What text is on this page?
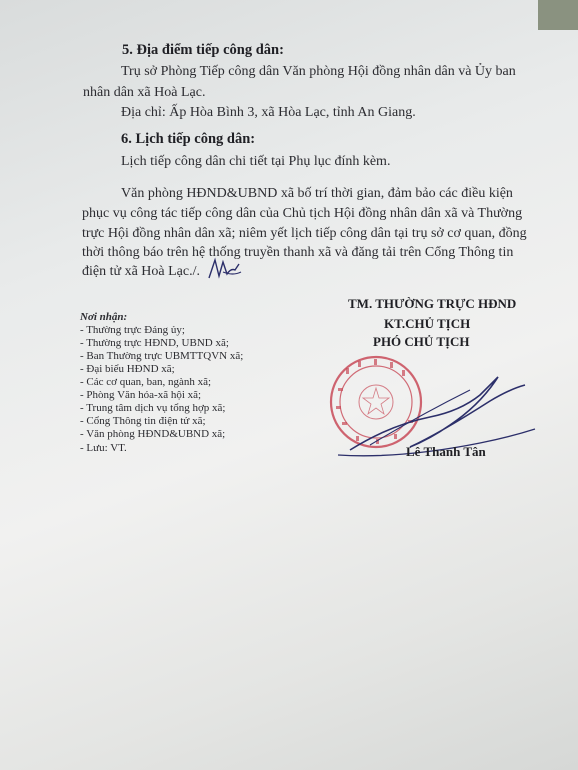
5. Địa điểm tiếp công dân:
Trụ sở Phòng Tiếp công dân Văn phòng Hội đồng nhân dân và Ủy ban
nhân dân xã Hoà Lạc.
Địa chỉ: Ấp Hòa Bình 3, xã Hòa Lạc, tỉnh An Giang.
6. Lịch tiếp công dân:
Lịch tiếp công dân chi tiết tại Phụ lục đính kèm.
Văn phòng HĐND&UBND xã bố trí thời gian, đảm bảo các điều kiện
phục vụ công tác tiếp công dân của Chủ tịch Hội đồng nhân dân xã và Thường
trực Hội đồng nhân dân xã; niêm yết lịch tiếp công dân tại trụ sở cơ quan, đồng
thời thông báo trên hệ thống truyền thanh xã và đăng tải trên Cổng Thông tin
điện tử xã Hoà Lạc./.
Nơi nhận:
- Thường trực Đảng ủy;
- Thường trực HĐND, UBND xã;
- Ban Thường trực UBMTTQVN xã;
- Đại biểu HĐND xã;
- Các cơ quan, ban, ngành xã;
- Phòng Văn hóa-xã hội xã;
- Trung tâm dịch vụ tổng hợp xã;
- Cổng Thông tin điện tử xã;
- Văn phòng HĐND&UBND xã;
- Lưu: VT.
TM. THƯỜNG TRỰC HĐND
KT.CHỦ TỊCH
PHÓ CHỦ TỊCH
Lê Thanh Tân
